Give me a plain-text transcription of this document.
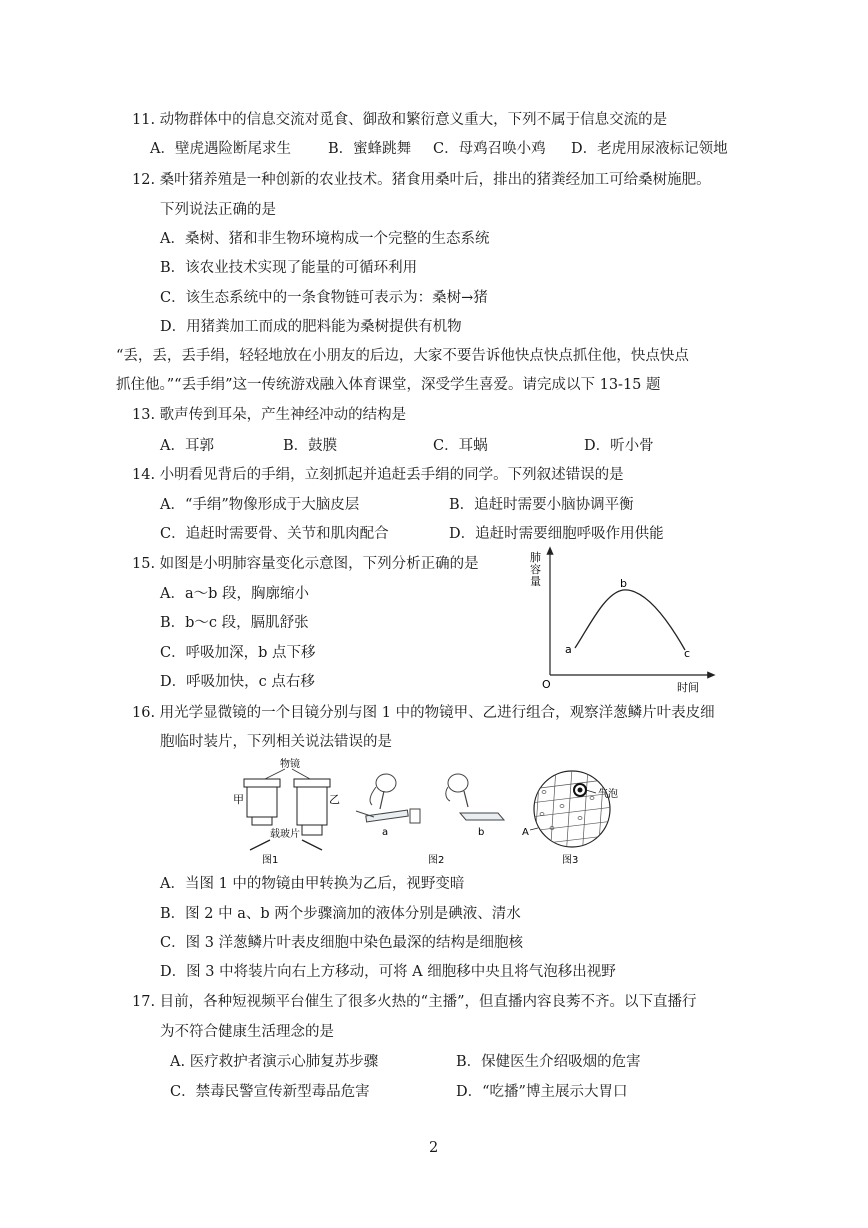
11. 动物群体中的信息交流对觅食、御敌和繁衍意义重大，下列不属于信息交流的是
A．壁虎遇险断尾求生	B．蜜蜂跳舞 C．母鸡召唤小鸡 D．老虎用尿液标记领地
12. 桑叶猪养殖是一种创新的农业技术。猪食用桑叶后，排出的猪粪经加工可给桑树施肥。
下列说法正确的是
A．桑树、猪和非生物环境构成一个完整的生态系统
B．该农业技术实现了能量的可循环利用
C．该生态系统中的一条食物链可表示为：桑树→猪
D．用猪粪加工而成的肥料能为桑树提供有机物
“丢，丢，丢手绢，轻轻地放在小朋友的后边，大家不要告诉他快点快点抓住他，快点快点
抓住他。”“丢手绢”这一传统游戏融入体育课堂，深受学生喜爱。请完成以下 13-15 题
13. 歌声传到耳朵，产生神经冲动的结构是
A．耳郭	B．鼓膜	C．耳蜗	D．听小骨
14. 小明看见背后的手绢，立刻抓起并追赶丢手绢的同学。下列叙述错误的是
A．“手绢”物像形成于大脑皮层	B．追赶时需要小脑协调平衡
C．追赶时需要骨、关节和肌肉配合	D．追赶时需要细胞呼吸作用供能
15. 如图是小明肺容量变化示意图，下列分析正确的是
A．a～b 段，胸廓缩小
B．b～c 段，膈肌舒张
C．呼吸加深，b 点下移
D．呼吸加快，c 点右移
肺容量
时间
O
a
b
c
16. 用光学显微镜的一个目镜分别与图 1 中的物镜甲、乙进行组合，观察洋葱鳞片叶表皮细
胞临时装片，下列相关说法错误的是
物镜
甲	乙
载玻片
图1
a	b
图2
气泡
A
图3
A．当图 1 中的物镜由甲转换为乙后，视野变暗
B．图 2 中 a、b 两个步骤滴加的液体分别是碘液、清水
C．图 3 洋葱鳞片叶表皮细胞中染色最深的结构是细胞核
D．图 3 中将装片向右上方移动，可将 A 细胞移中央且将气泡移出视野
17. 目前，各种短视频平台催生了很多火热的“主播”，但直播内容良莠不齐。以下直播行
为不符合健康生活理念的是
A. 医疗救护者演示心肺复苏步骤	B．保健医生介绍吸烟的危害
C．禁毒民警宣传新型毒品危害	D．“吃播”博主展示大胃口
2
